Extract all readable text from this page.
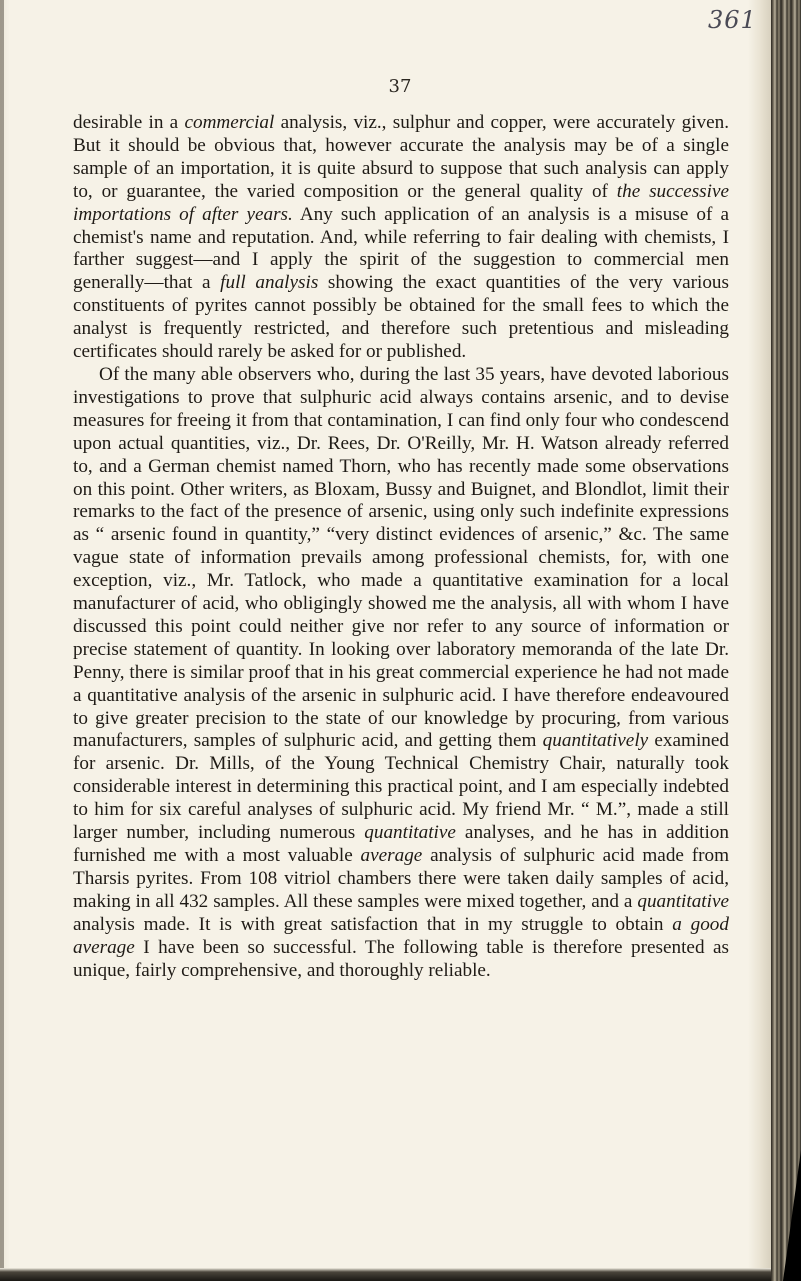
361
37

desirable in a commercial analysis, viz., sulphur and copper, were accurately given. But it should be obvious that, however accurate the analysis may be of a single sample of an importation, it is quite absurd to suppose that such analysis can apply to, or guarantee, the varied composition or the general quality of the successive importations of after years. Any such application of an analysis is a misuse of a chemist's name and reputation. And, while referring to fair dealing with chemists, I farther suggest—and I apply the spirit of the suggestion to commercial men generally—that a full analysis showing the exact quantities of the very various constituents of pyrites cannot possibly be obtained for the small fees to which the analyst is frequently restricted, and therefore such pretentious and misleading certificates should rarely be asked for or published.

Of the many able observers who, during the last 35 years, have devoted laborious investigations to prove that sulphuric acid always contains arsenic, and to devise measures for freeing it from that contamination, I can find only four who condescend upon actual quantities, viz., Dr. Rees, Dr. O'Reilly, Mr. H. Watson already referred to, and a German chemist named Thorn, who has recently made some observations on this point. Other writers, as Bloxam, Bussy and Buignet, and Blondlot, limit their remarks to the fact of the presence of arsenic, using only such indefinite expressions as “ arsenic found in quantity,” “very distinct evidences of arsenic,” &c. The same vague state of information prevails among professional chemists, for, with one exception, viz., Mr. Tatlock, who made a quantitative examination for a local manufacturer of acid, who obligingly showed me the analysis, all with whom I have discussed this point could neither give nor refer to any source of information or precise statement of quantity. In looking over laboratory memoranda of the late Dr. Penny, there is similar proof that in his great commercial experience he had not made a quantitative analysis of the arsenic in sulphuric acid. I have therefore endeavoured to give greater precision to the state of our knowledge by procuring, from various manufacturers, samples of sulphuric acid, and getting them quantitatively examined for arsenic. Dr. Mills, of the Young Technical Chemistry Chair, naturally took considerable interest in determining this practical point, and I am especially indebted to him for six careful analyses of sulphuric acid. My friend Mr. “ M.”, made a still larger number, including numerous quantitative analyses, and he has in addition furnished me with a most valuable average analysis of sulphuric acid made from Tharsis pyrites. From 108 vitriol chambers there were taken daily samples of acid, making in all 432 samples. All these samples were mixed together, and a quantitative analysis made. It is with great satisfaction that in my struggle to obtain a good average I have been so successful. The following table is therefore presented as unique, fairly comprehensive, and thoroughly reliable.
